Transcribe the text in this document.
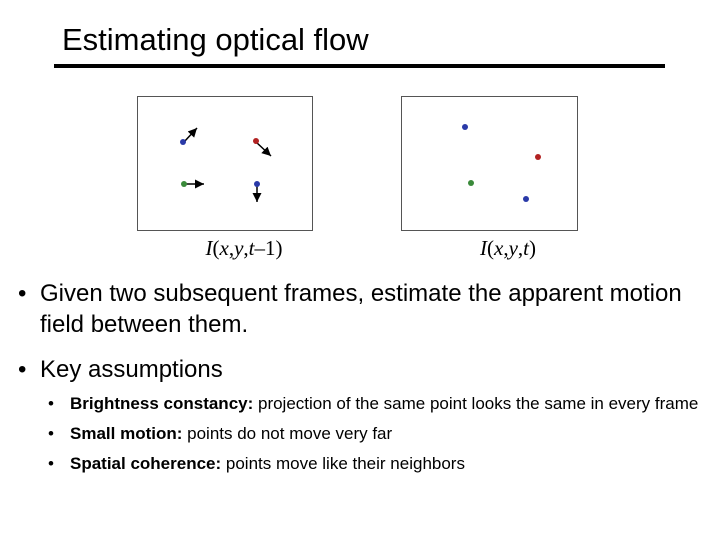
Estimating optical flow
I(x,y,t–1)	I(x,y,t)
• Given two subsequent frames, estimate the apparent motion field between them.
• Key assumptions
• Brightness constancy: projection of the same point looks the same in every frame
• Small motion: points do not move very far
• Spatial coherence: points move like their neighbors
